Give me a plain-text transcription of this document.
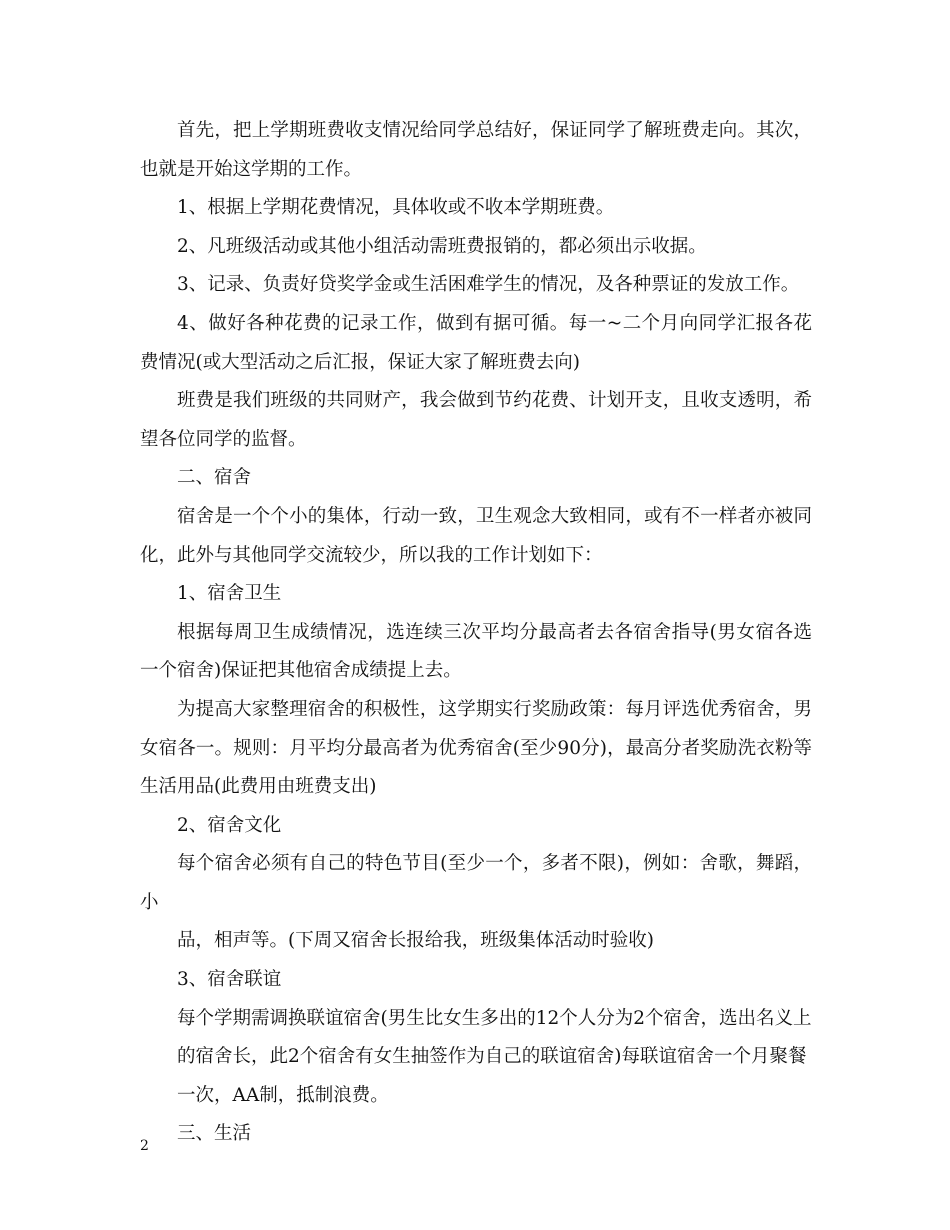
首先，把上学期班费收支情况给同学总结好，保证同学了解班费走向。其次，也就是开始这学期的工作。

1、根据上学期花费情况，具体收或不收本学期班费。

2、凡班级活动或其他小组活动需班费报销的，都必须出示收据。

3、记录、负责好贷奖学金或生活困难学生的情况，及各种票证的发放工作。

4、做好各种花费的记录工作，做到有据可循。每一~二个月向同学汇报各花费情况(或大型活动之后汇报，保证大家了解班费去向)

班费是我们班级的共同财产，我会做到节约花费、计划开支，且收支透明，希望各位同学的监督。

二、宿舍

宿舍是一个个小的集体，行动一致，卫生观念大致相同，或有不一样者亦被同化，此外与其他同学交流较少，所以我的工作计划如下：

1、宿舍卫生

根据每周卫生成绩情况，选连续三次平均分最高者去各宿舍指导(男女宿各选一个宿舍)保证把其他宿舍成绩提上去。

为提高大家整理宿舍的积极性，这学期实行奖励政策：每月评选优秀宿舍，男女宿各一。规则：月平均分最高者为优秀宿舍(至少90分)，最高分者奖励洗衣粉等生活用品(此费用由班费支出)

2、宿舍文化

每个宿舍必须有自己的特色节目(至少一个，多者不限)，例如：舍歌，舞蹈，小

品，相声等。(下周又宿舍长报给我，班级集体活动时验收)

3、宿舍联谊

每个学期需调换联谊宿舍(男生比女生多出的12个人分为2个宿舍，选出名义上

的宿舍长，此2个宿舍有女生抽签作为自己的联谊宿舍)每联谊宿舍一个月聚餐

一次，AA制，抵制浪费。

三、生活

2
